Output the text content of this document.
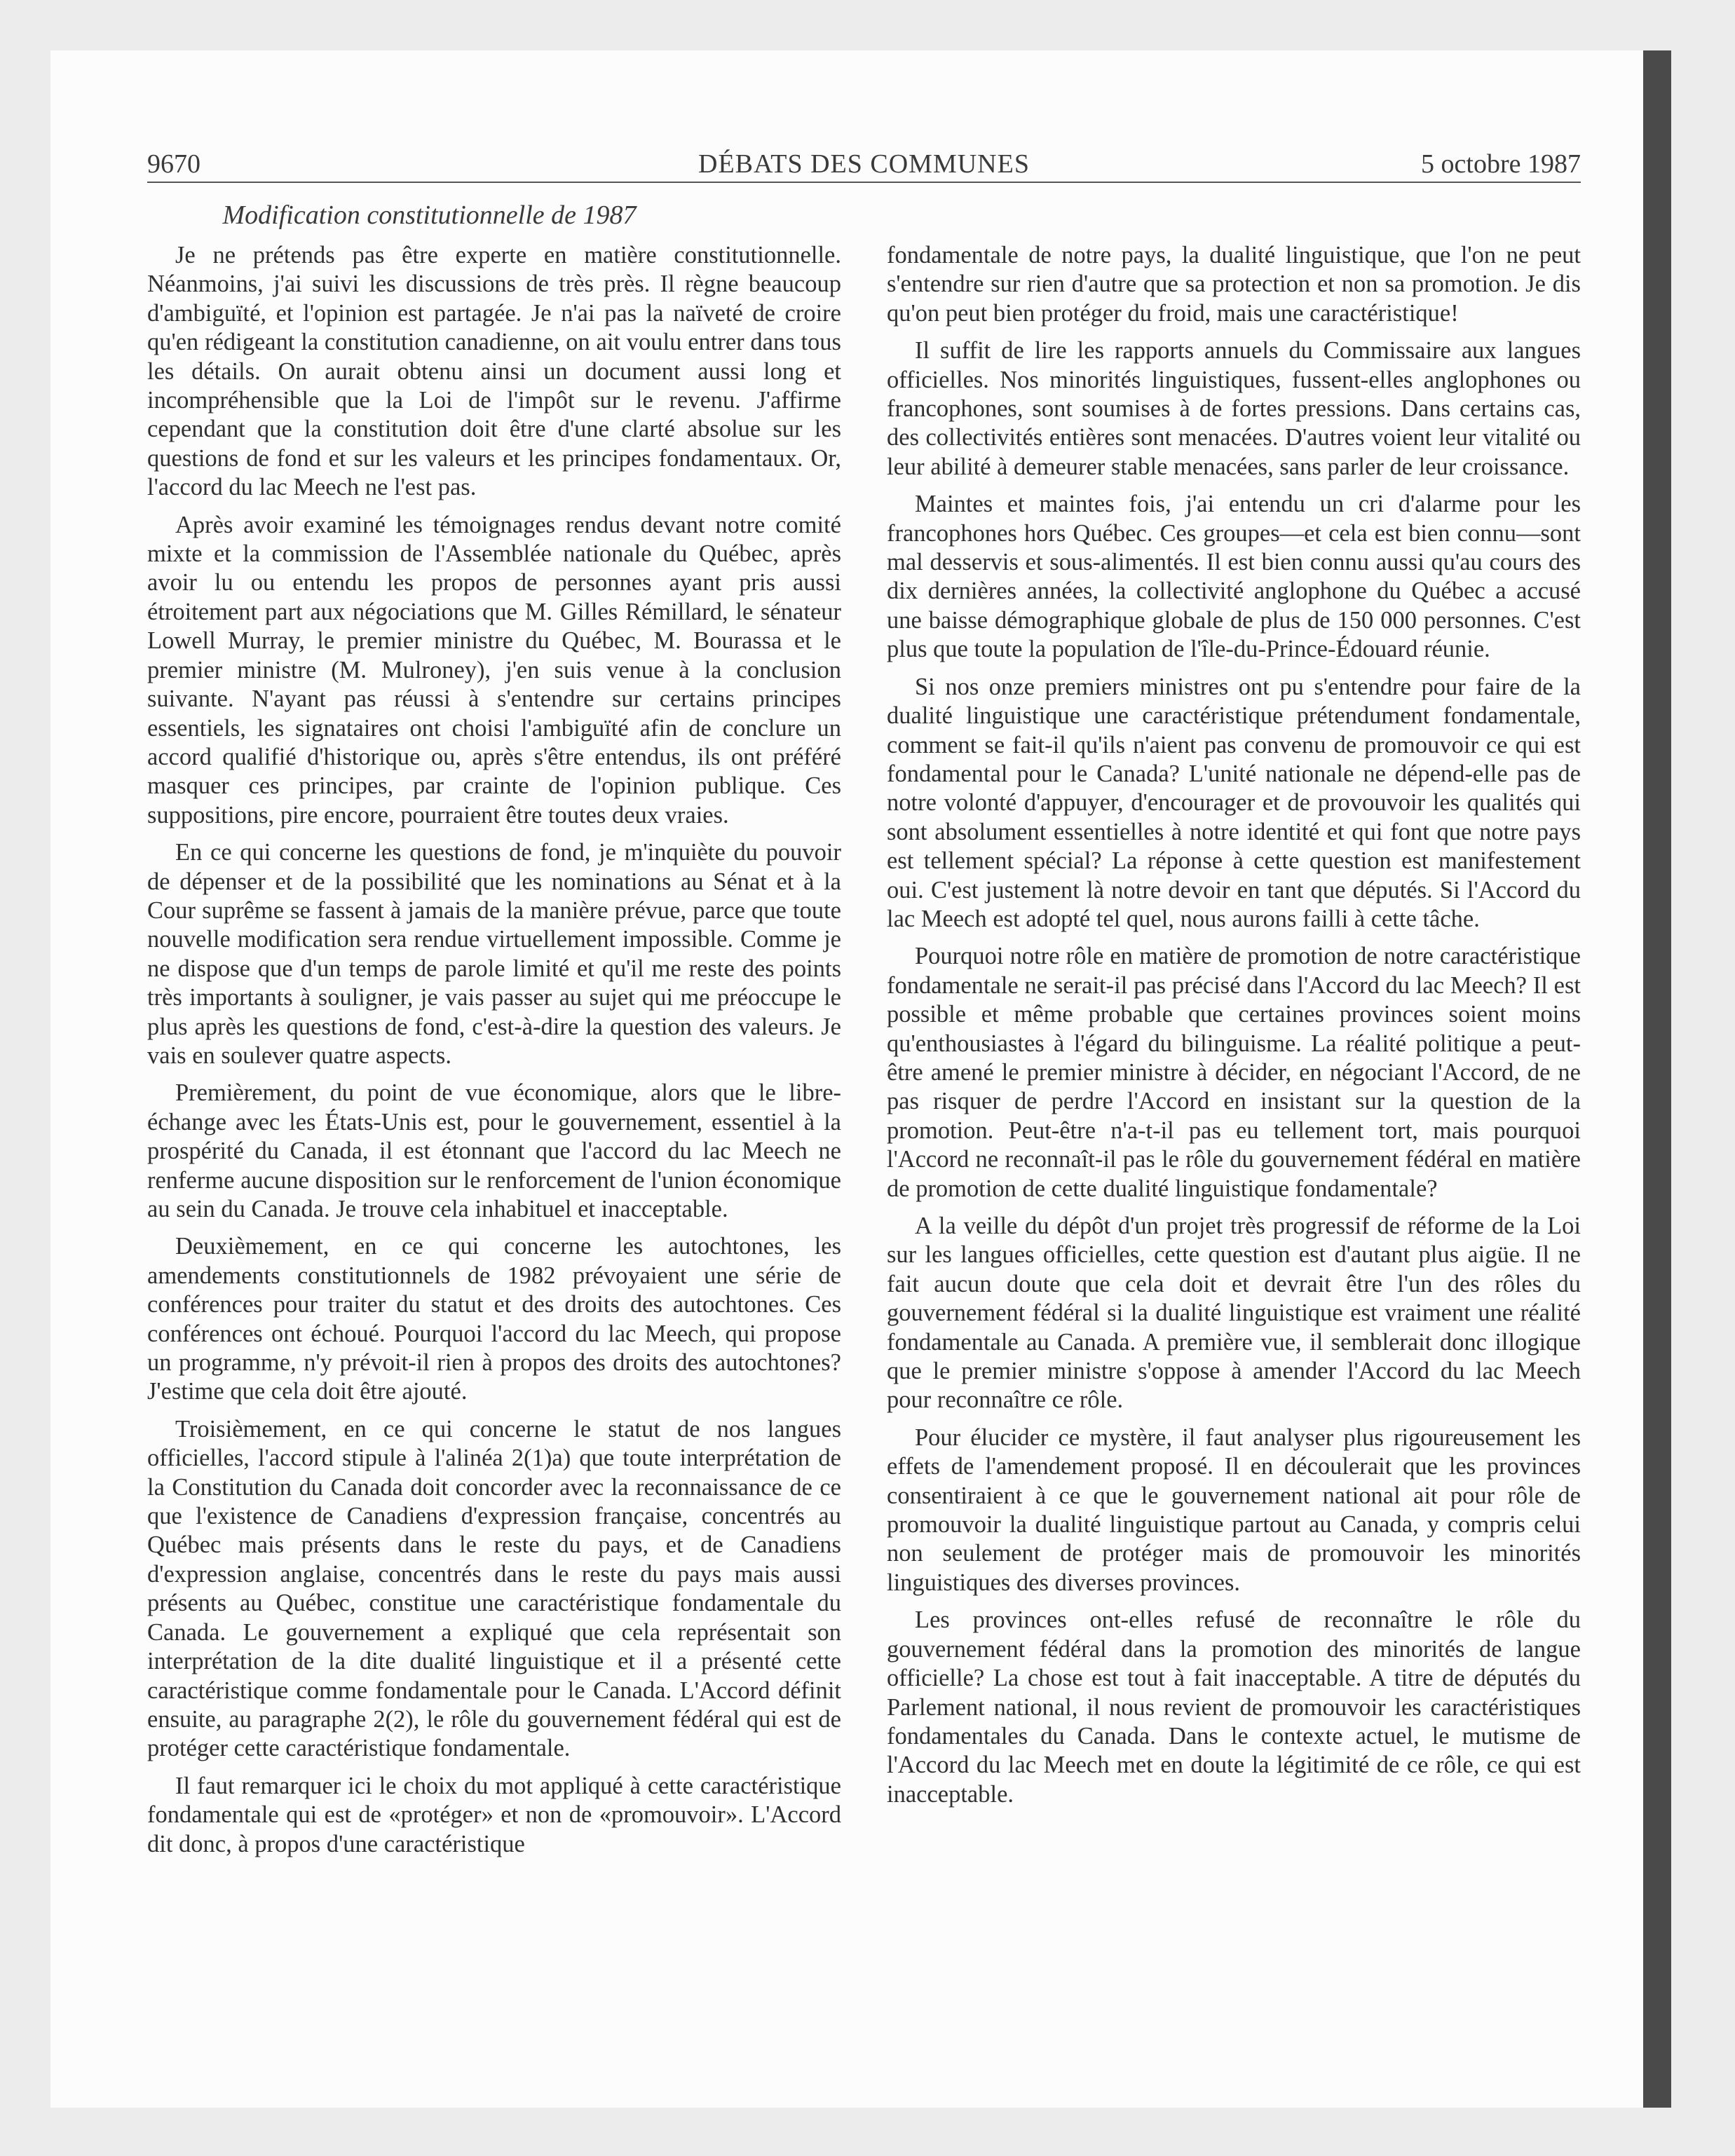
9670	DÉBATS DES COMMUNES	5 octobre 1987
Modification constitutionnelle de 1987

Je ne prétends pas être experte en matière constitutionnelle. Néanmoins, j'ai suivi les discussions de très près. Il règne beaucoup d'ambiguïté, et l'opinion est partagée. Je n'ai pas la naïveté de croire qu'en rédigeant la constitution canadienne, on ait voulu entrer dans tous les détails. On aurait obtenu ainsi un document aussi long et incompréhensible que la Loi de l'impôt sur le revenu. J'affirme cependant que la constitution doit être d'une clarté absolue sur les questions de fond et sur les valeurs et les principes fondamentaux. Or, l'accord du lac Meech ne l'est pas.

Après avoir examiné les témoignages rendus devant notre comité mixte et la commission de l'Assemblée nationale du Québec, après avoir lu ou entendu les propos de personnes ayant pris aussi étroitement part aux négociations que M. Gilles Rémillard, le sénateur Lowell Murray, le premier ministre du Québec, M. Bourassa et le premier ministre (M. Mulroney), j'en suis venue à la conclusion suivante. N'ayant pas réussi à s'entendre sur certains principes essentiels, les signataires ont choisi l'ambiguïté afin de conclure un accord qualifié d'historique ou, après s'être entendus, ils ont préféré masquer ces principes, par crainte de l'opinion publique. Ces suppositions, pire encore, pourraient être toutes deux vraies.

En ce qui concerne les questions de fond, je m'inquiète du pouvoir de dépenser et de la possibilité que les nominations au Sénat et à la Cour suprême se fassent à jamais de la manière prévue, parce que toute nouvelle modification sera rendue virtuellement impossible. Comme je ne dispose que d'un temps de parole limité et qu'il me reste des points très importants à souligner, je vais passer au sujet qui me préoccupe le plus après les questions de fond, c'est-à-dire la question des valeurs. Je vais en soulever quatre aspects.

Premièrement, du point de vue économique, alors que le libre-échange avec les États-Unis est, pour le gouvernement, essentiel à la prospérité du Canada, il est étonnant que l'accord du lac Meech ne renferme aucune disposition sur le renforcement de l'union économique au sein du Canada. Je trouve cela inhabituel et inacceptable.

Deuxièmement, en ce qui concerne les autochtones, les amendements constitutionnels de 1982 prévoyaient une série de conférences pour traiter du statut et des droits des autochtones. Ces conférences ont échoué. Pourquoi l'accord du lac Meech, qui propose un programme, n'y prévoit-il rien à propos des droits des autochtones? J'estime que cela doit être ajouté.

Troisièmement, en ce qui concerne le statut de nos langues officielles, l'accord stipule à l'alinéa 2(1)a) que toute interprétation de la Constitution du Canada doit concorder avec la reconnaissance de ce que l'existence de Canadiens d'expression française, concentrés au Québec mais présents dans le reste du pays, et de Canadiens d'expression anglaise, concentrés dans le reste du pays mais aussi présents au Québec, constitue une caractéristique fondamentale du Canada. Le gouvernement a expliqué que cela représentait son interprétation de la dite dualité linguistique et il a présenté cette caractéristique comme fondamentale pour le Canada. L'Accord définit ensuite, au paragraphe 2(2), le rôle du gouvernement fédéral qui est de protéger cette caractéristique fondamentale.

Il faut remarquer ici le choix du mot appliqué à cette caractéristique fondamentale qui est de «protéger» et non de «promouvoir». L'Accord dit donc, à propos d'une caractéristique

fondamentale de notre pays, la dualité linguistique, que l'on ne peut s'entendre sur rien d'autre que sa protection et non sa promotion. Je dis qu'on peut bien protéger du froid, mais une caractéristique!

Il suffit de lire les rapports annuels du Commissaire aux langues officielles. Nos minorités linguistiques, fussent-elles anglophones ou francophones, sont soumises à de fortes pressions. Dans certains cas, des collectivités entières sont menacées. D'autres voient leur vitalité ou leur abilité à demeurer stable menacées, sans parler de leur croissance.

Maintes et maintes fois, j'ai entendu un cri d'alarme pour les francophones hors Québec. Ces groupes—et cela est bien connu—sont mal desservis et sous-alimentés. Il est bien connu aussi qu'au cours des dix dernières années, la collectivité anglophone du Québec a accusé une baisse démographique globale de plus de 150 000 personnes. C'est plus que toute la population de l'île-du-Prince-Édouard réunie.

Si nos onze premiers ministres ont pu s'entendre pour faire de la dualité linguistique une caractéristique prétendument fondamentale, comment se fait-il qu'ils n'aient pas convenu de promouvoir ce qui est fondamental pour le Canada? L'unité nationale ne dépend-elle pas de notre volonté d'appuyer, d'encourager et de provouvoir les qualités qui sont absolument essentielles à notre identité et qui font que notre pays est tellement spécial? La réponse à cette question est manifestement oui. C'est justement là notre devoir en tant que députés. Si l'Accord du lac Meech est adopté tel quel, nous aurons failli à cette tâche.

Pourquoi notre rôle en matière de promotion de notre caractéristique fondamentale ne serait-il pas précisé dans l'Accord du lac Meech? Il est possible et même probable que certaines provinces soient moins qu'enthousiastes à l'égard du bilinguisme. La réalité politique a peut-être amené le premier ministre à décider, en négociant l'Accord, de ne pas risquer de perdre l'Accord en insistant sur la question de la promotion. Peut-être n'a-t-il pas eu tellement tort, mais pourquoi l'Accord ne reconnaît-il pas le rôle du gouvernement fédéral en matière de promotion de cette dualité linguistique fondamentale?

A la veille du dépôt d'un projet très progressif de réforme de la Loi sur les langues officielles, cette question est d'autant plus aigüe. Il ne fait aucun doute que cela doit et devrait être l'un des rôles du gouvernement fédéral si la dualité linguistique est vraiment une réalité fondamentale au Canada. A première vue, il semblerait donc illogique que le premier ministre s'oppose à amender l'Accord du lac Meech pour reconnaître ce rôle.

Pour élucider ce mystère, il faut analyser plus rigoureusement les effets de l'amendement proposé. Il en découlerait que les provinces consentiraient à ce que le gouvernement national ait pour rôle de promouvoir la dualité linguistique partout au Canada, y compris celui non seulement de protéger mais de promouvoir les minorités linguistiques des diverses provinces.

Les provinces ont-elles refusé de reconnaître le rôle du gouvernement fédéral dans la promotion des minorités de langue officielle? La chose est tout à fait inacceptable. A titre de députés du Parlement national, il nous revient de promouvoir les caractéristiques fondamentales du Canada. Dans le contexte actuel, le mutisme de l'Accord du lac Meech met en doute la légitimité de ce rôle, ce qui est inacceptable.
